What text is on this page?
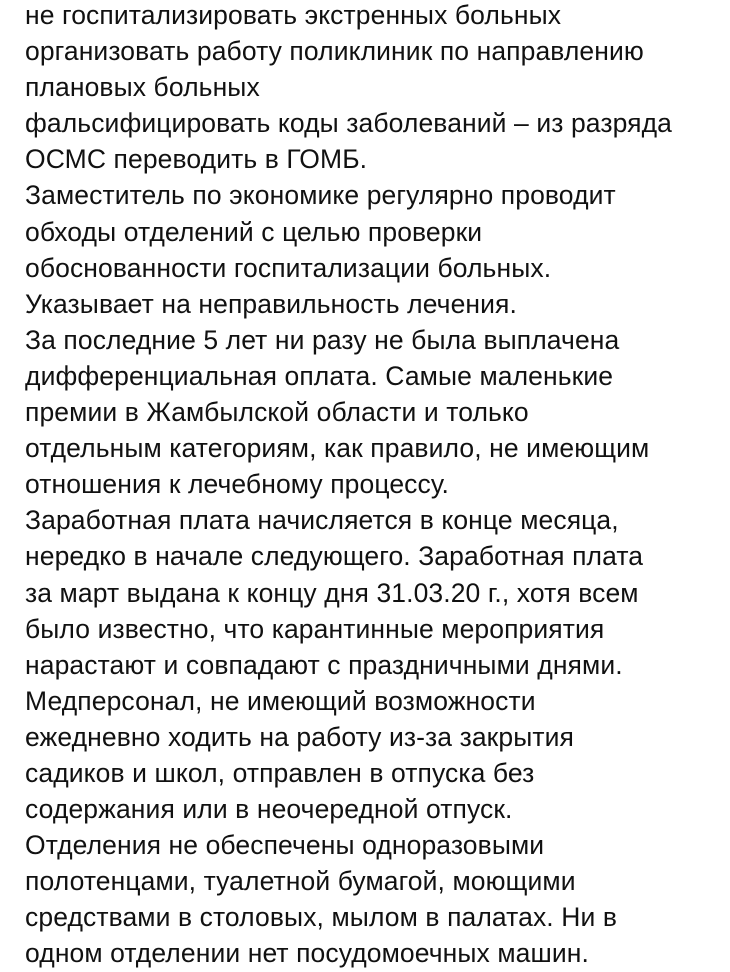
не госпитализировать экстренных больных
организовать работу поликлиник по направлению
плановых больных
фальсифицировать коды заболеваний – из разряда
ОСМС переводить в ГОМБ.
Заместитель по экономике регулярно проводит
обходы отделений с целью проверки
обоснованности госпитализации больных.
Указывает на неправильность лечения.
За последние 5 лет ни разу не была выплачена
дифференциальная оплата. Самые маленькие
премии в Жамбылской области и только
отдельным категориям, как правило, не имеющим
отношения к лечебному процессу.
Заработная плата начисляется в конце месяца,
нередко в начале следующего. Заработная плата
за март выдана к концу дня 31.03.20 г., хотя всем
было известно, что карантинные мероприятия
нарастают и совпадают с праздничными днями.
Медперсонал, не имеющий возможности
ежедневно ходить на работу из-за закрытия
садиков и школ, отправлен в отпуска без
содержания или в неочередной отпуск.
Отделения не обеспечены одноразовыми
полотенцами, туалетной бумагой, моющими
средствами в столовых, мылом в палатах. Ни в
одном отделении нет посудомоечных машин.
